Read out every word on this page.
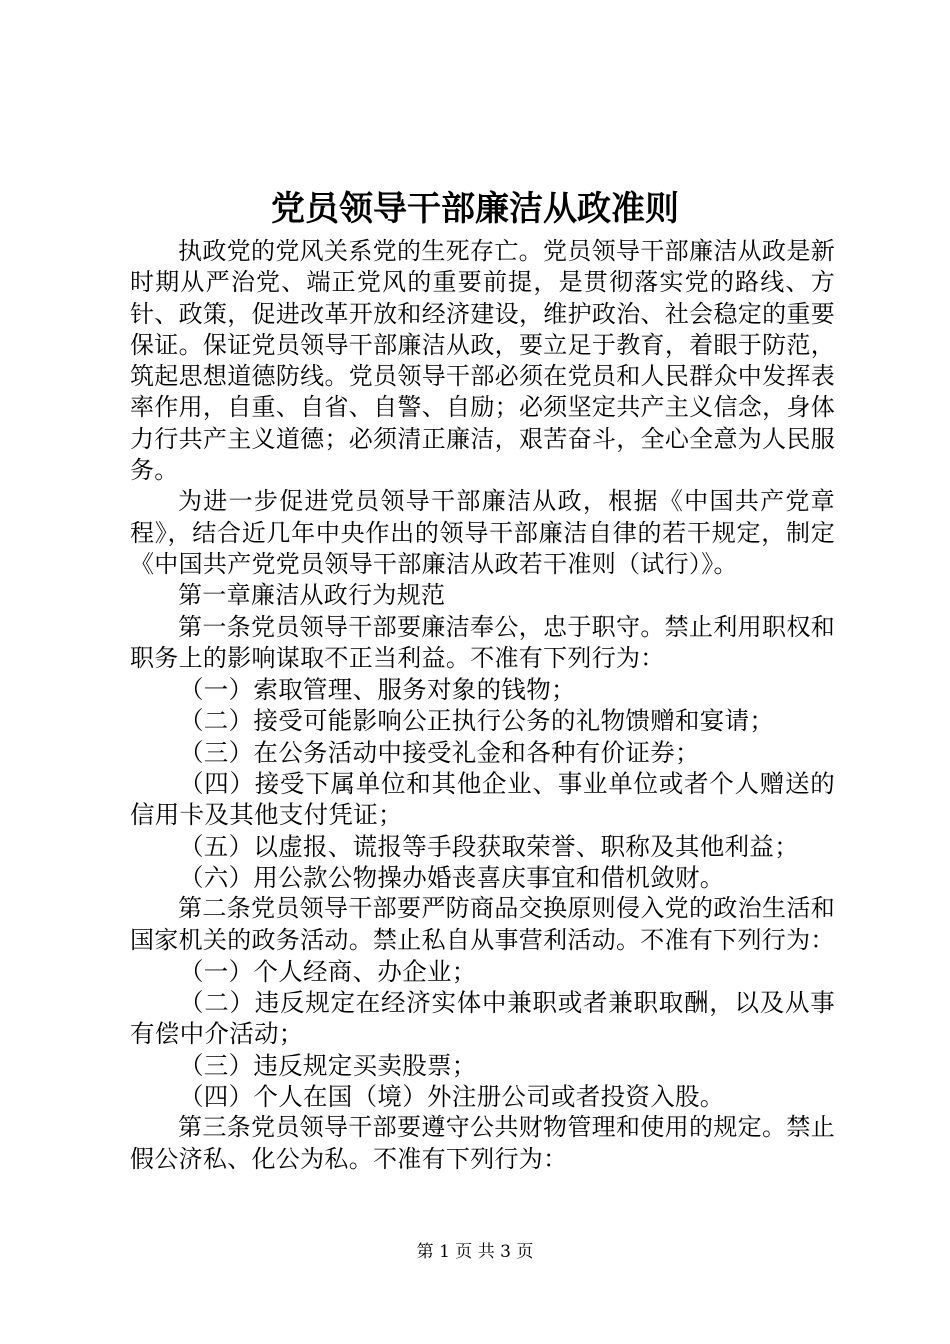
党员领导干部廉洁从政准则

执政党的党风关系党的生死存亡。党员领导干部廉洁从政是新时期从严治党、端正党风的重要前提，是贯彻落实党的路线、方针、政策，促进改革开放和经济建设，维护政治、社会稳定的重要保证。保证党员领导干部廉洁从政，要立足于教育，着眼于防范，筑起思想道德防线。党员领导干部必须在党员和人民群众中发挥表率作用，自重、自省、自警、自励；必须坚定共产主义信念，身体力行共产主义道德；必须清正廉洁，艰苦奋斗，全心全意为人民服务。

为进一步促进党员领导干部廉洁从政，根据《中国共产党章程》，结合近几年中央作出的领导干部廉洁自律的若干规定，制定《中国共产党党员领导干部廉洁从政若干准则（试行）》。

第一章廉洁从政行为规范

第一条党员领导干部要廉洁奉公，忠于职守。禁止利用职权和职务上的影响谋取不正当利益。不准有下列行为：

（一）索取管理、服务对象的钱物；

（二）接受可能影响公正执行公务的礼物馈赠和宴请；

（三）在公务活动中接受礼金和各种有价证券；

（四）接受下属单位和其他企业、事业单位或者个人赠送的信用卡及其他支付凭证；

（五）以虚报、谎报等手段获取荣誉、职称及其他利益；

（六）用公款公物操办婚丧喜庆事宜和借机敛财。

第二条党员领导干部要严防商品交换原则侵入党的政治生活和国家机关的政务活动。禁止私自从事营利活动。不准有下列行为：

（一）个人经商、办企业；

（二）违反规定在经济实体中兼职或者兼职取酬，以及从事有偿中介活动；

（三）违反规定买卖股票；

（四）个人在国（境）外注册公司或者投资入股。

第三条党员领导干部要遵守公共财物管理和使用的规定。禁止假公济私、化公为私。不准有下列行为：

第 1 页 共 3 页
